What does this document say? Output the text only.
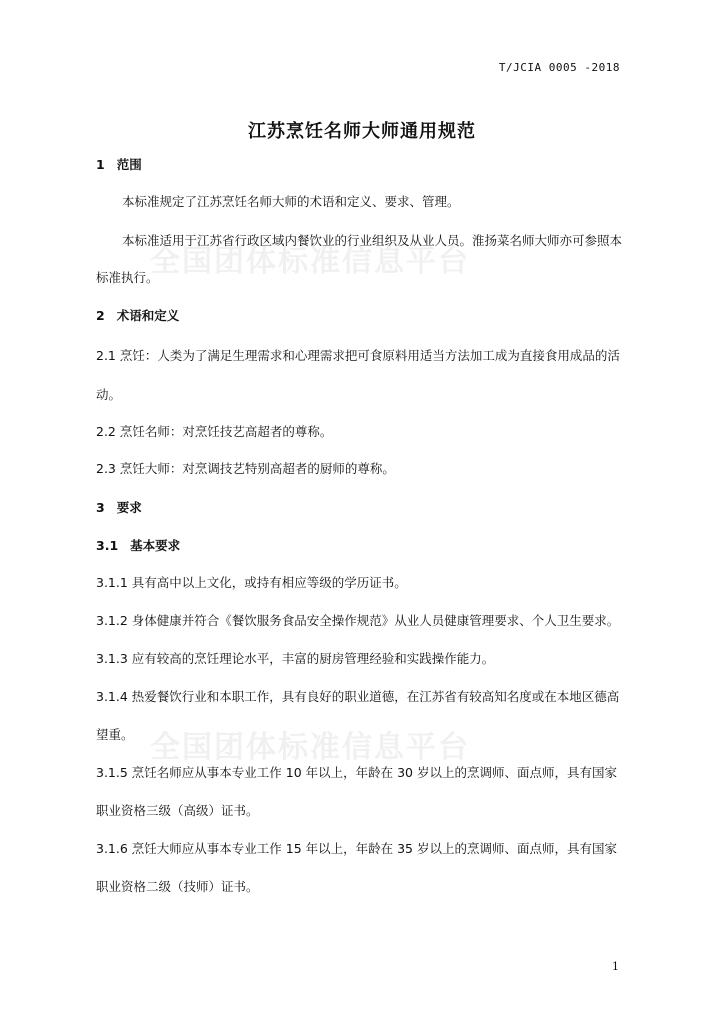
全国团体标准信息平台
全国团体标准信息平台
T/JCIA 0005 -2018
江苏烹饪名师大师通用规范
1 范围
本标准规定了江苏烹饪名师大师的术语和定义、要求、管理。
本标准适用于江苏省行政区域内餐饮业的行业组织及从业人员。淮扬菜名师大师亦可参照本
标准执行。
2 术语和定义
2.1 烹饪：人类为了满足生理需求和心理需求把可食原料用适当方法加工成为直接食用成品的活
动。
2.2 烹饪名师：对烹饪技艺高超者的尊称。
2.3 烹饪大师：对烹调技艺特别高超者的厨师的尊称。
3 要求
3.1 基本要求
3.1.1 具有高中以上文化，或持有相应等级的学历证书。
3.1.2 身体健康并符合《餐饮服务食品安全操作规范》从业人员健康管理要求、个人卫生要求。
3.1.3 应有较高的烹饪理论水平，丰富的厨房管理经验和实践操作能力。
3.1.4 热爱餐饮行业和本职工作，具有良好的职业道德，在江苏省有较高知名度或在本地区德高
望重。
3.1.5 烹饪名师应从事本专业工作 10 年以上，年龄在 30 岁以上的烹调师、面点师，具有国家
职业资格三级（高级）证书。
3.1.6 烹饪大师应从事本专业工作 15 年以上，年龄在 35 岁以上的烹调师、面点师，具有国家
职业资格二级（技师）证书。
1
